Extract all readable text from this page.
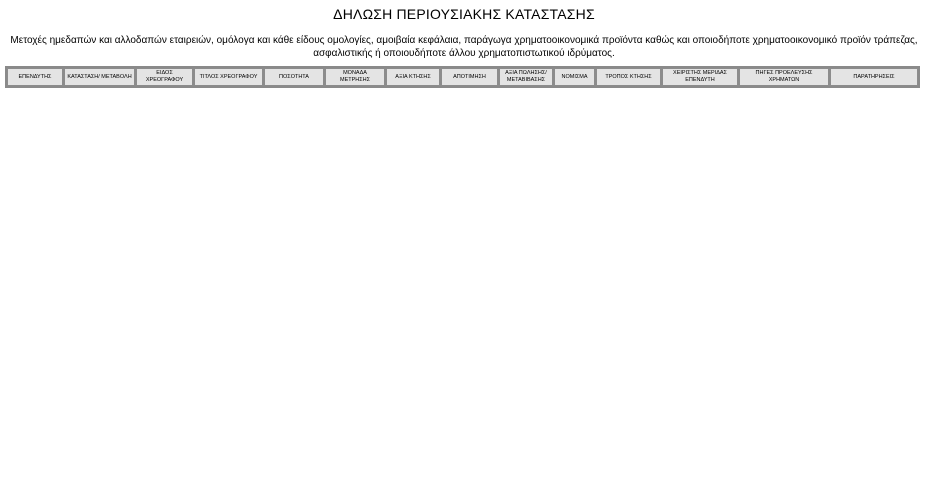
ΔΗΛΩΣΗ ΠΕΡΙΟΥΣΙΑΚΗΣ ΚΑΤΑΣΤΑΣΗΣ
Μετοχές ημεδαπών και αλλοδαπών εταιρειών, ομόλογα και κάθε είδους ομολογίες, αμοιβαία κεφάλαια, παράγωγα χρηματοοικονομικά προϊόντα καθώς και οποιοδήποτε χρηματοοικονομικό προϊόν τράπεζας, ασφαλιστικής ή οποιουδήποτε άλλου χρηματοπιστωτικού ιδρύματος.
ΕΠΕΝΔΥΤΗΣ	ΚΑΤΑΣΤΑΣΗ/ ΜΕΤΑΒΟΛΗ	ΕΙΔΟΣ ΧΡΕΟΓΡΑΦΟΥ	ΤΙΤΛΟΣ ΧΡΕΟΓΡΑΦΟΥ	ΠΟΣΟΤΗΤΑ	ΜΟΝΑΔΑ ΜΕΤΡΗΣΗΣ	ΑΞΙΑ ΚΤΗΣΗΣ	ΑΠΟΤΙΜΗΣΗ	ΑΞΙΑ ΠΩΛΗΣΗΣ/ ΜΕΤΑΒΙΒΑΣΗΣ	ΝΟΜΙΣΜΑ	ΤΡΟΠΟΣ ΚΤΗΣΗΣ	ΧΕΙΡΙΣΤΗΣ ΜΕΡΙΔΑΣ ΕΠΕΝΔΥΤΗ	ΠΗΓΕΣ ΠΡΟΕΛΕΥΣΗΣ ΧΡΗΜΑΤΩΝ	ΠΑΡΑΤΗΡΗΣΕΙΣ
